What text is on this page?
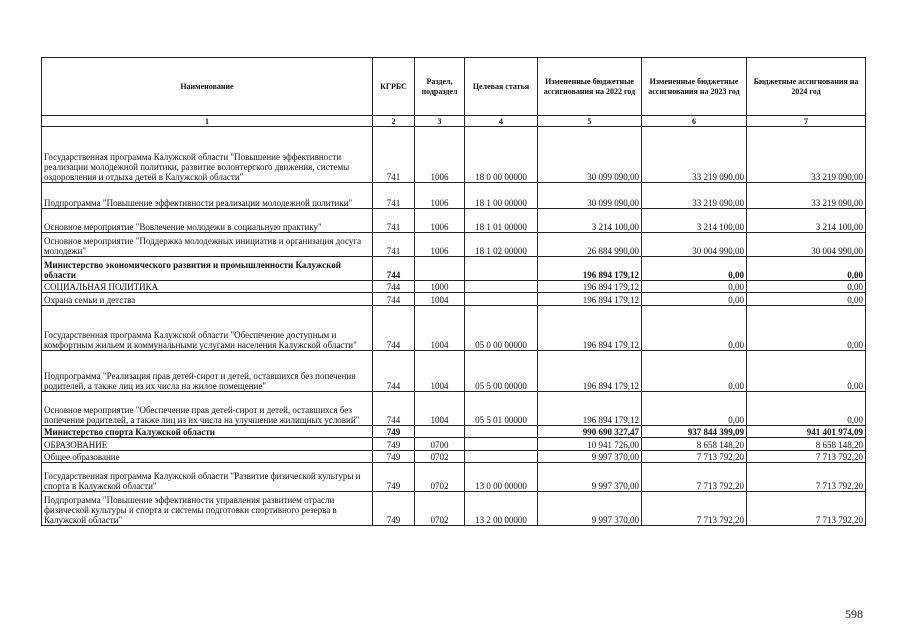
Наименование	КГРБС	Раздел, подраздел	Целевая статья	Измененные бюджетные ассигнования на 2022 год	Измененные бюджетные ассигнования на 2023 год	Бюджетные ассигнования на 2024 год
1	2	3	4	5	6	7
Государственная программа Калужской области "Повышение эффективности реализации молодежной политики, развитие волонтерского движения, системы оздоровления и отдыха детей в Калужской области"	741	1006	18 0 00 00000	30 099 090,00	33 219 090,00	33 219 090,00
Подпрограмма "Повышение эффективности реализации молодежной политики"	741	1006	18 1 00 00000	30 099 090,00	33 219 090,00	33 219 090,00
Основное мероприятие "Вовлечение молодежи в социальную практику"	741	1006	18 1 01 00000	3 214 100,00	3 214 100,00	3 214 100,00
Основное мероприятие "Поддержка молодежных инициатив и организация досуга молодежи"	741	1006	18 1 02 00000	26 884 990,00	30 004 990,00	30 004 990,00
Министерство экономического развития и промышленности Калужской области	744			196 894 179,12	0,00	0,00
СОЦИАЛЬНАЯ ПОЛИТИКА	744	1000		196 894 179,12	0,00	0,00
Охрана семьи и детства	744	1004		196 894 179,12	0,00	0,00
Государственная программа Калужской области "Обеспечение доступным и комфортным жильем и коммунальными услугами населения Калужской области"	744	1004	05 0 00 00000	196 894 179,12	0,00	0,00
Подпрограмма "Реализация прав детей-сирот и детей, оставшихся без попечения родителей, а также лиц из их числа на жилое помещение"	744	1004	05 5 00 00000	196 894 179,12	0,00	0,00
Основное мероприятие "Обеспечение прав детей-сирот и детей, оставшихся без попечения родителей, а также лиц из их числа на улучшение жилищных условий"	744	1004	05 5 01 00000	196 894 179,12	0,00	0,00
Министерство спорта Калужской области	749			990 690 327,47	937 844 399,09	941 401 974,09
ОБРАЗОВАНИЕ	749	0700		10 941 726,00	8 658 148,20	8 658 148,20
Общее образование	749	0702		9 997 370,00	7 713 792,20	7 713 792,20
Государственная программа Калужской области "Развитие физической культуры и спорта в Калужской области"	749	0702	13 0 00 00000	9 997 370,00	7 713 792,20	7 713 792,20
Подпрограмма "Повышение эффективности управления развитием отрасли физической культуры и спорта и системы подготовки спортивного резерва в Калужской области"	749	0702	13 2 00 00000	9 997 370,00	7 713 792,20	7 713 792,20
598
